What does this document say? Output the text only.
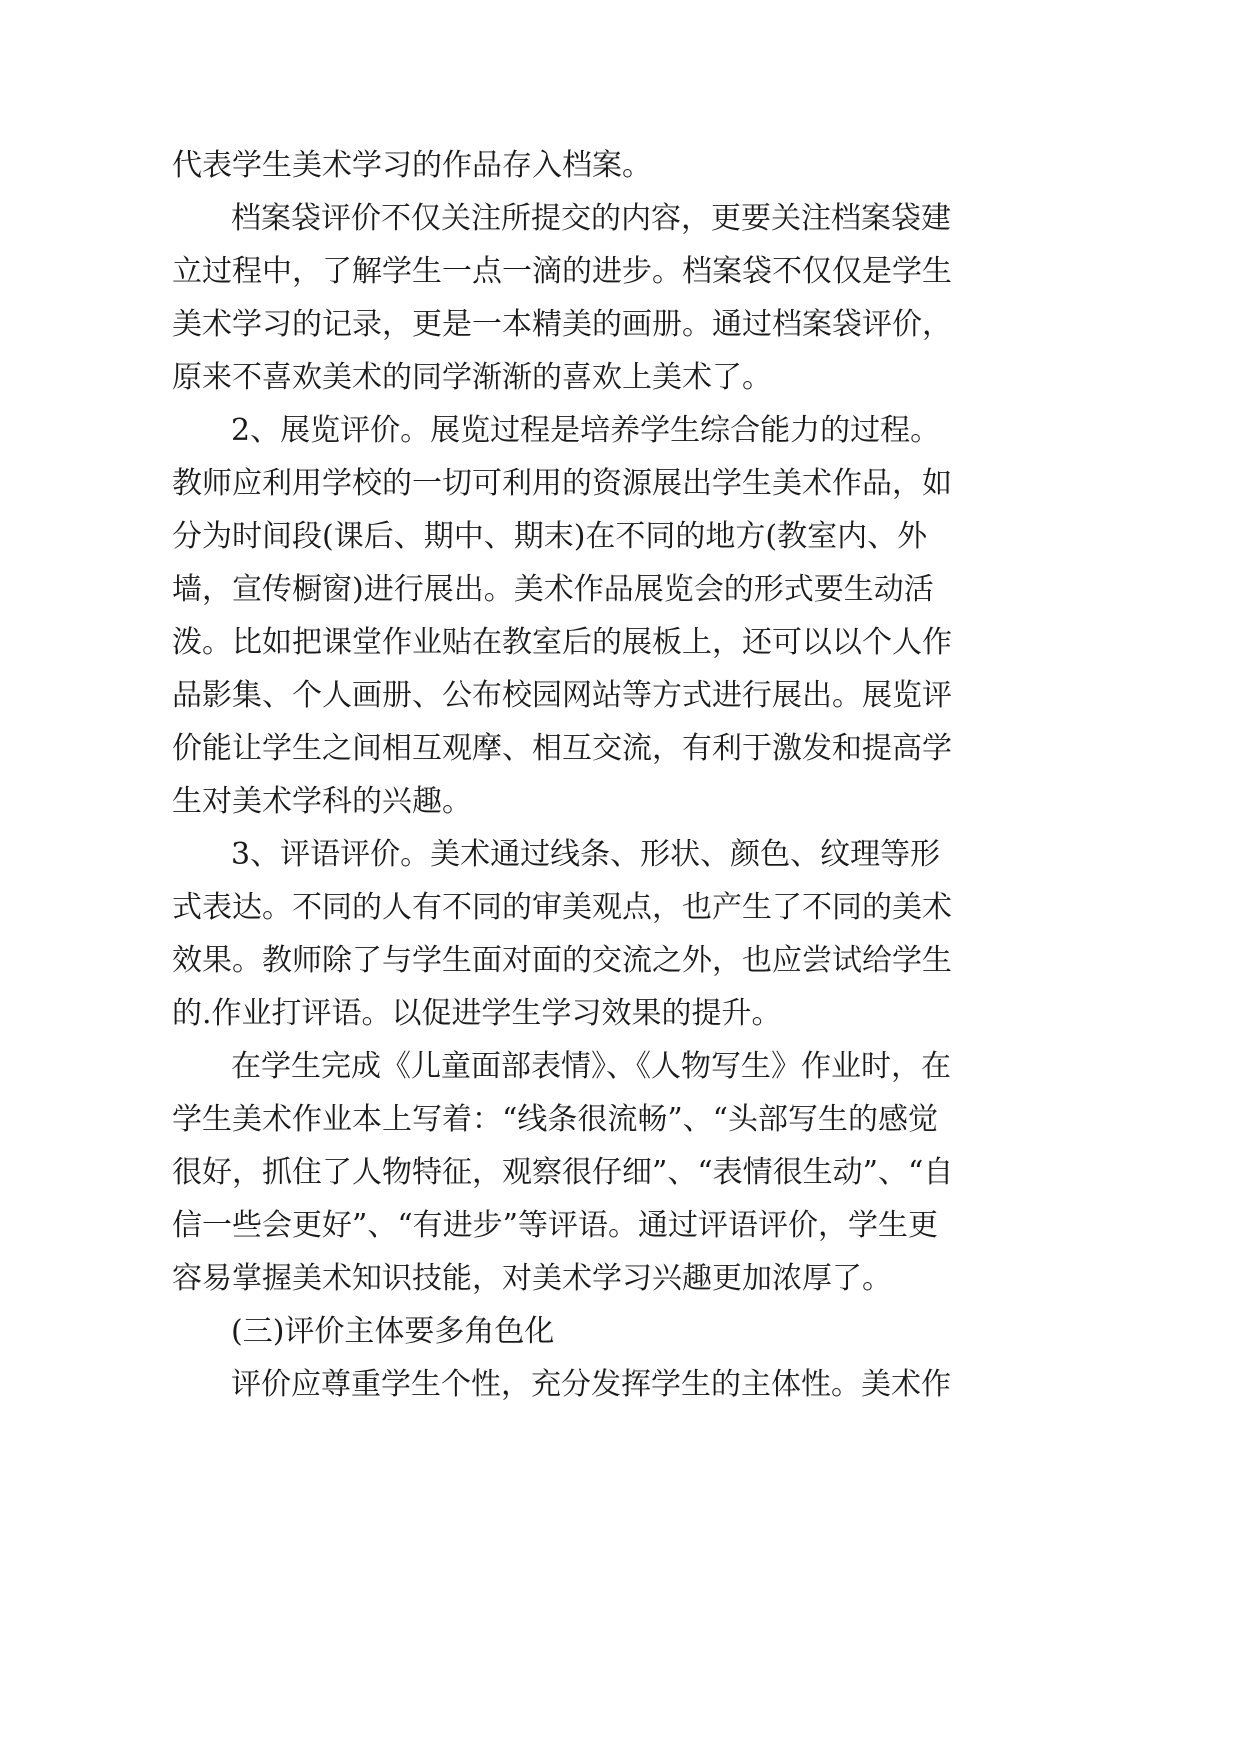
代表学生美术学习的作品存入档案。
档案袋评价不仅关注所提交的内容，更要关注档案袋建
立过程中，了解学生一点一滴的进步。档案袋不仅仅是学生
美术学习的记录，更是一本精美的画册。通过档案袋评价，
原来不喜欢美术的同学渐渐的喜欢上美术了。
2、展览评价。展览过程是培养学生综合能力的过程。
教师应利用学校的一切可利用的资源展出学生美术作品，如
分为时间段(课后、期中、期末)在不同的地方(教室内、外
墙，宣传橱窗)进行展出。美术作品展览会的形式要生动活
泼。比如把课堂作业贴在教室后的展板上，还可以以个人作
品影集、个人画册、公布校园网站等方式进行展出。展览评
价能让学生之间相互观摩、相互交流，有利于激发和提高学
生对美术学科的兴趣。
3、评语评价。美术通过线条、形状、颜色、纹理等形
式表达。不同的人有不同的审美观点，也产生了不同的美术
效果。教师除了与学生面对面的交流之外，也应尝试给学生
的.作业打评语。以促进学生学习效果的提升。
在学生完成《儿童面部表情》、《人物写生》作业时，在
学生美术作业本上写着：“线条很流畅”、“头部写生的感觉
很好，抓住了人物特征，观察很仔细”、“表情很生动”、“自
信一些会更好”、“有进步”等评语。通过评语评价，学生更
容易掌握美术知识技能，对美术学习兴趣更加浓厚了。
(三)评价主体要多角色化
评价应尊重学生个性，充分发挥学生的主体性。美术作
